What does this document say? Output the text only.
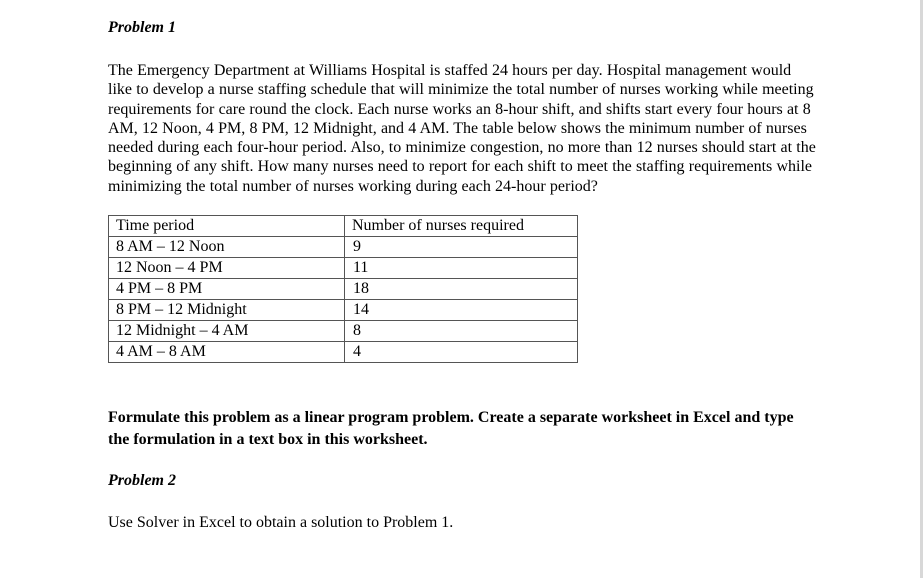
Problem 1

The Emergency Department at Williams Hospital is staffed 24 hours per day. Hospital management would like to develop a nurse staffing schedule that will minimize the total number of nurses working while meeting requirements for care round the clock. Each nurse works an 8-hour shift, and shifts start every four hours at 8 AM, 12 Noon, 4 PM, 8 PM, 12 Midnight, and 4 AM. The table below shows the minimum number of nurses needed during each four-hour period. Also, to minimize congestion, no more than 12 nurses should start at the beginning of any shift. How many nurses need to report for each shift to meet the staffing requirements while minimizing the total number of nurses working during each 24-hour period?

Time period	Number of nurses required
8 AM – 12 Noon	9
12 Noon – 4 PM	11
4 PM – 8 PM	18
8 PM – 12 Midnight	14
12 Midnight – 4 AM	8
4 AM – 8 AM	4

Formulate this problem as a linear program problem. Create a separate worksheet in Excel and type the formulation in a text box in this worksheet.

Problem 2

Use Solver in Excel to obtain a solution to Problem 1.
